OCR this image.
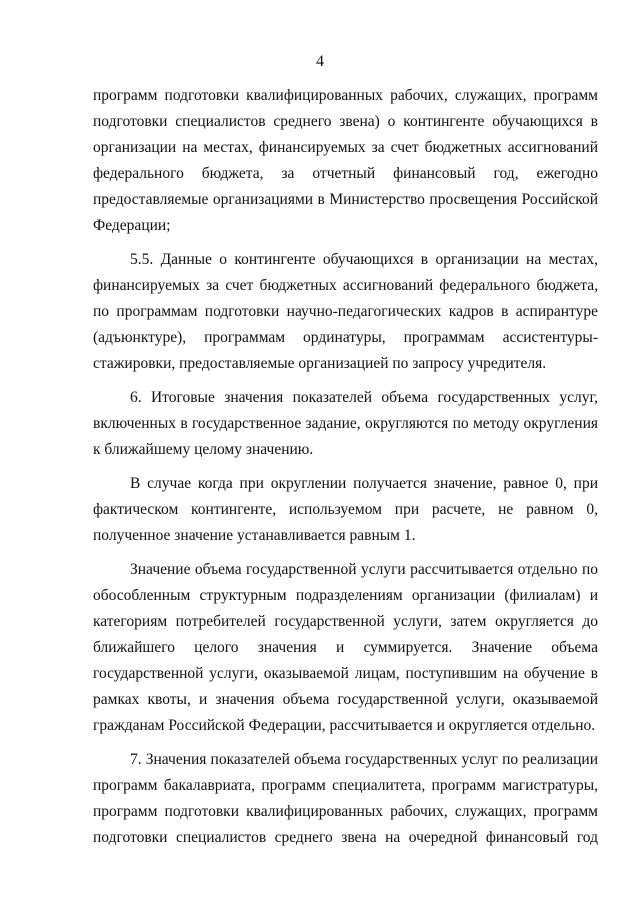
4

программ подготовки квалифицированных рабочих, служащих, программ подготовки специалистов среднего звена) о контингенте обучающихся в организации на местах, финансируемых за счет бюджетных ассигнований федерального бюджета, за отчетный финансовый год, ежегодно предоставляемые организациями в Министерство просвещения Российской Федерации;

5.5. Данные о контингенте обучающихся в организации на местах, финансируемых за счет бюджетных ассигнований федерального бюджета, по программам подготовки научно-педагогических кадров в аспирантуре (адъюнктуре), программам ординатуры, программам ассистентуры-стажировки, предоставляемые организацией по запросу учредителя.

6. Итоговые значения показателей объема государственных услуг, включенных в государственное задание, округляются по методу округления к ближайшему целому значению.

В случае когда при округлении получается значение, равное 0, при фактическом контингенте, используемом при расчете, не равном 0, полученное значение устанавливается равным 1.

Значение объема государственной услуги рассчитывается отдельно по обособленным структурным подразделениям организации (филиалам) и категориям потребителей государственной услуги, затем округляется до ближайшего целого значения и суммируется. Значение объема государственной услуги, оказываемой лицам, поступившим на обучение в рамках квоты, и значения объема государственной услуги, оказываемой гражданам Российской Федерации, рассчитывается и округляется отдельно.

7. Значения показателей объема государственных услуг по реализации программ бакалавриата, программ специалитета, программ магистратуры, программ подготовки квалифицированных рабочих, служащих, программ подготовки специалистов среднего звена на очередной финансовый год
